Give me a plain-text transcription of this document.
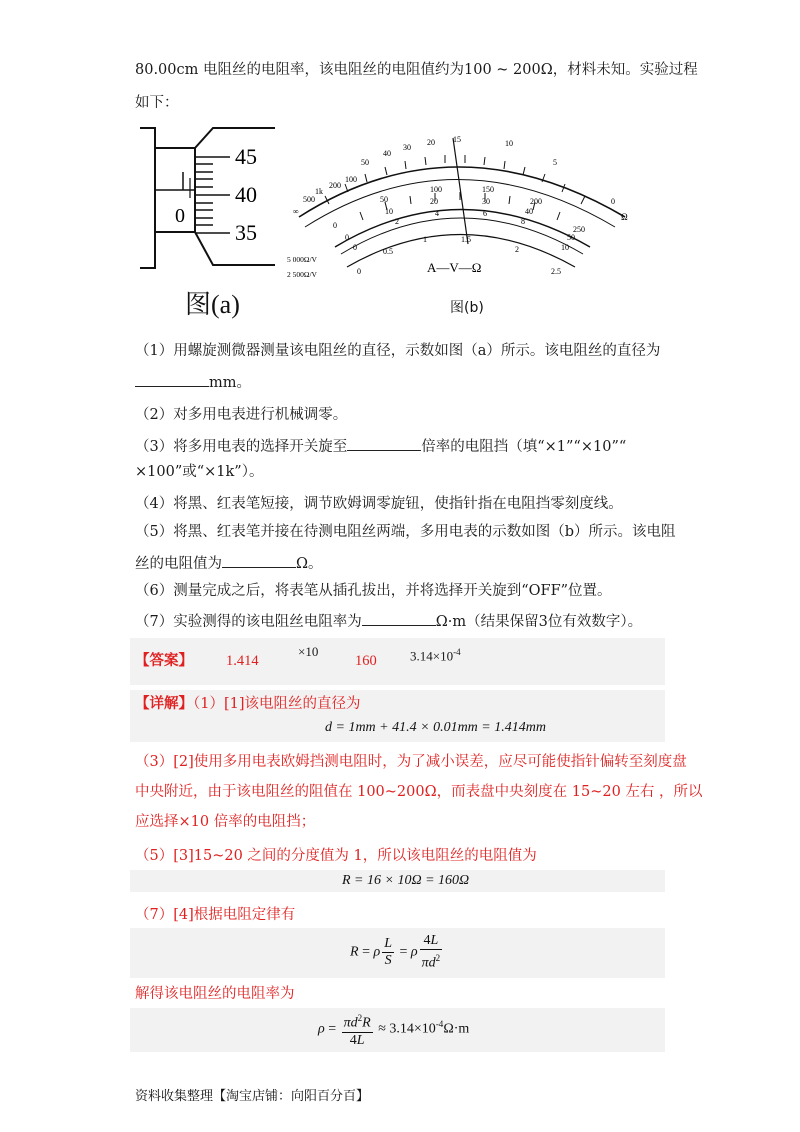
80.00cm 电阻丝的电阻率，该电阻丝的电阻值约为100 ~ 200Ω，材料未知。实验过程
如下：
45
40
35
0
图(a)
∞
500
1k
200
100
50
40
30
20 15	10
5
0
Ω
0
50
100	150
200
250
0
10
20	30
40
50
0
2
4	6
8
10
0
0.5
1	1.5
2
2.5
5 000Ω/V
2 500Ω/V	A—V—Ω
图(b)
（1）用螺旋测微器测量该电阻丝的直径，示数如图（a）所示。该电阻丝的直径为
mm。
（2）对多用电表进行机械调零。
（3）将多用电表的选择开关旋至	倍率的电阻挡（填“×1”“×10”“
×100”或“×1k”）。
（4）将黑、红表笔短接，调节欧姆调零旋钮，使指针指在电阻挡零刻度线。
（5）将黑、红表笔并接在待测电阻丝两端，多用电表的示数如图（b）所示。该电阻
丝的电阻值为	Ω。
（6）测量完成之后，将表笔从插孔拔出，并将选择开关旋到“OFF”位置。
（7）实验测得的该电阻丝电阻率为	Ω·m（结果保留3位有效数字）。
【答案】 1.414
×10
160	$3.14\times 10^{-4}$
【详解】（1）[1]该电阻丝的直径为
d = 1mm + 41.4 × 0.01mm = 1.414mm
（3）[2]使用多用电表欧姆挡测电阻时，为了减小误差，应尽可能使指针偏转至刻度盘
中央附近，由于该电阻丝的阻值在 100~200Ω，而表盘中央刻度在 15~20 左右 ，所以
应选择×10 倍率的电阻挡；
（5）[3]15~20 之间的分度值为 1，所以该电阻丝的电阻值为
R = 16 × 10Ω = 160Ω
（7）[4]根据电阻定律有
R = ρ $\frac{L}{S} = \rho \frac{4L}{\pi d^2}$
解得该电阻丝的电阻率为
$\rho = \frac{\pi d^2R}{4L} \approx 3.14\times 10^{-4}\Omega\cdot m$
资料收集整理【淘宝店铺：向阳百分百】
